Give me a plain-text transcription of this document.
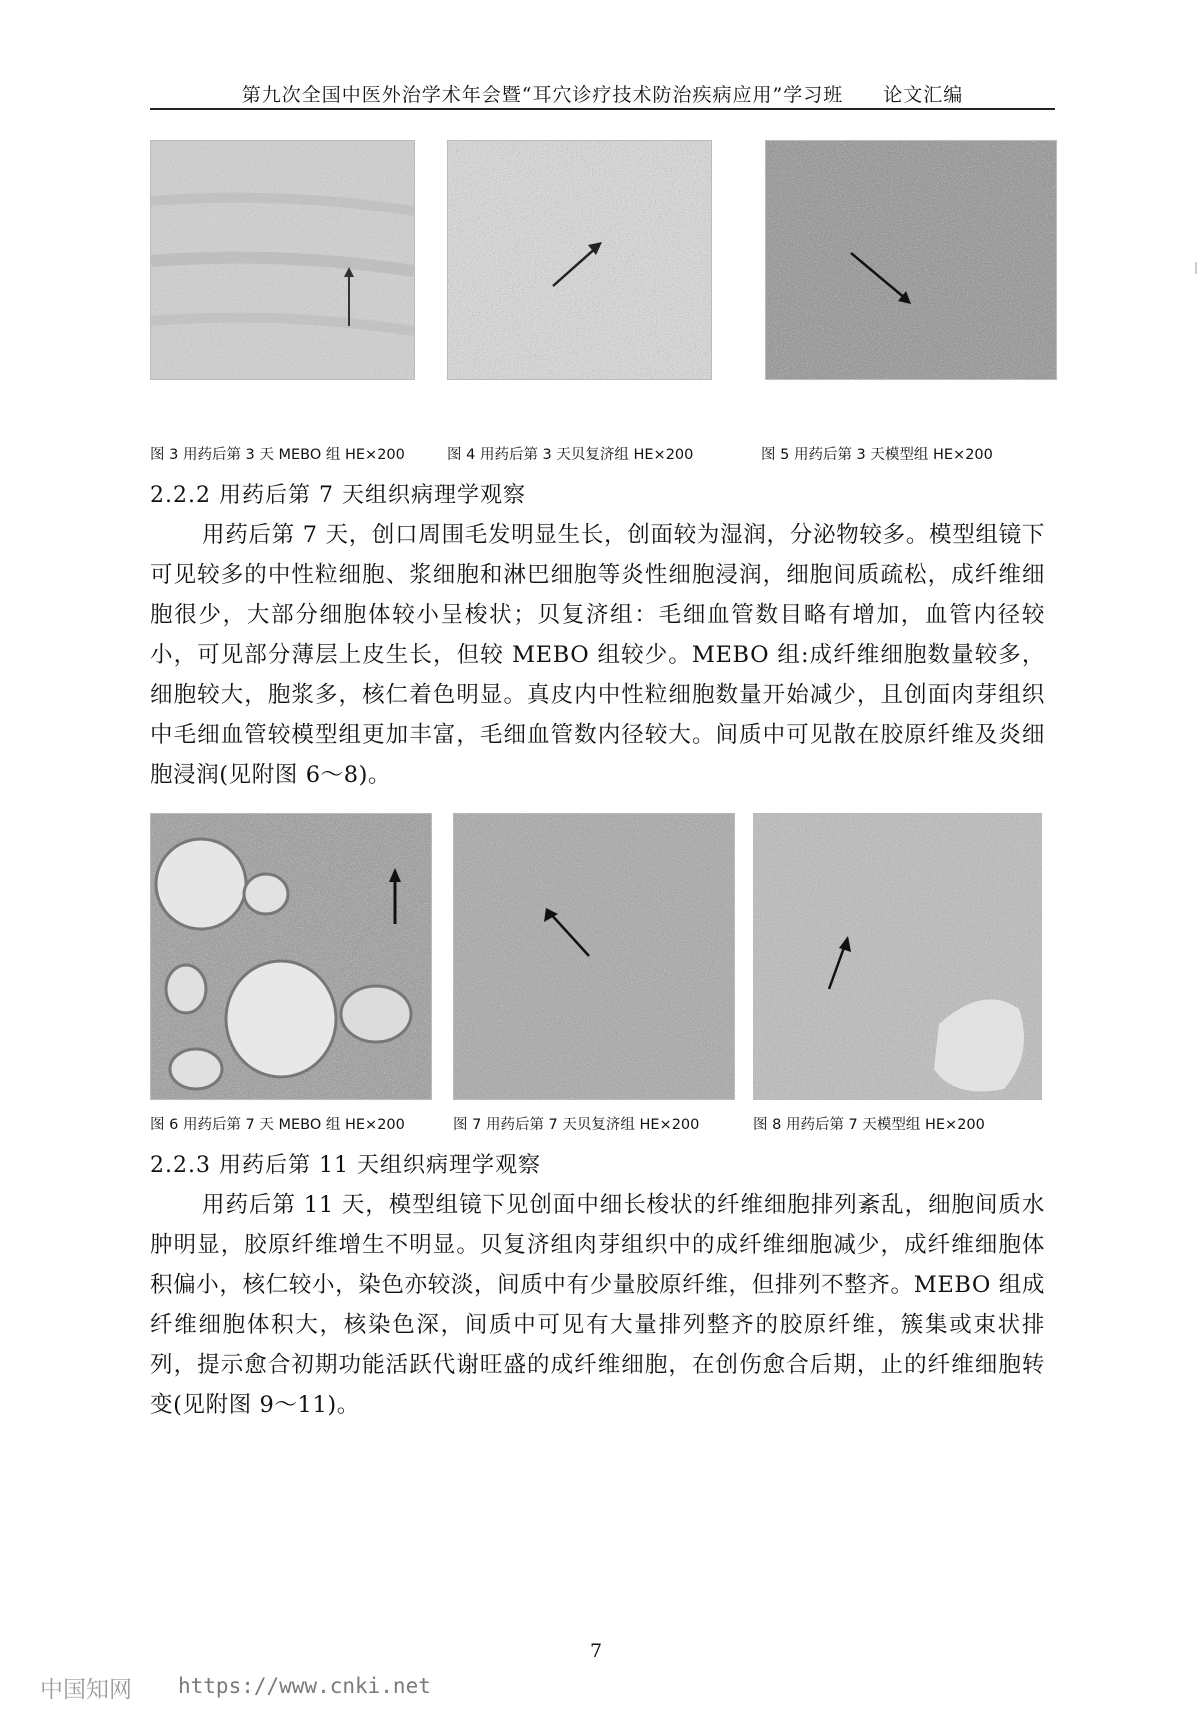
第九次全国中医外治学术年会暨“耳穴诊疗技术防治疾病应用”学习班　　论文汇编
图 3 用药后第 3 天 MEBO 组 HE×200	图 4 用药后第 3 天贝复济组 HE×200	图 5 用药后第 3 天模型组 HE×200
2.2.2 用药后第 7 天组织病理学观察
用药后第 7 天，创口周围毛发明显生长，创面较为湿润，分泌物较多。模型组镜下可见较多的中性粒细胞、浆细胞和淋巴细胞等炎性细胞浸润，细胞间质疏松，成纤维细胞很少，大部分细胞体较小呈梭状；贝复济组：毛细血管数目略有增加，血管内径较小，可见部分薄层上皮生长，但较 MEBO 组较少。MEBO 组:成纤维细胞数量较多，细胞较大，胞浆多，核仁着色明显。真皮内中性粒细胞数量开始减少，且创面肉芽组织中毛细血管较模型组更加丰富，毛细血管数内径较大。间质中可见散在胶原纤维及炎细胞浸润(见附图 6～8)。
图 6 用药后第 7 天 MEBO 组 HE×200	图 7 用药后第 7 天贝复济组 HE×200	图 8 用药后第 7 天模型组 HE×200
2.2.3 用药后第 11 天组织病理学观察
用药后第 11 天，模型组镜下见创面中细长梭状的纤维细胞排列紊乱，细胞间质水肿明显，胶原纤维增生不明显。贝复济组肉芽组织中的成纤维细胞减少，成纤维细胞体积偏小，核仁较小，染色亦较淡，间质中有少量胶原纤维，但排列不整齐。MEBO 组成纤维细胞体积大，核染色深，间质中可见有大量排列整齐的胶原纤维，簇集或束状排列，提示愈合初期功能活跃代谢旺盛的成纤维细胞，在创伤愈合后期，止的纤维细胞转变(见附图 9～11)。
7
中国知网 https://www.cnki.net
